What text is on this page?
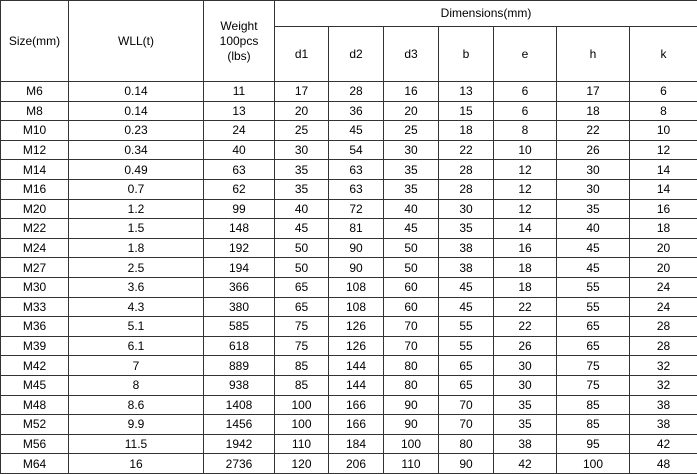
Size(mm)	WLL(t)	Weight
100pcs
(lbs)	Dimensions(mm)						
			d1	d2	d3	b	e	h	k
M6	0.14	11	17	28	16	13	6	17	6
M8	0.14	13	20	36	20	15	6	18	8
M10	0.23	24	25	45	25	18	8	22	10
M12	0.34	40	30	54	30	22	10	26	12
M14	0.49	63	35	63	35	28	12	30	14
M16	0.7	62	35	63	35	28	12	30	14
M20	1.2	99	40	72	40	30	12	35	16
M22	1.5	148	45	81	45	35	14	40	18
M24	1.8	192	50	90	50	38	16	45	20
M27	2.5	194	50	90	50	38	18	45	20
M30	3.6	366	65	108	60	45	18	55	24
M33	4.3	380	65	108	60	45	22	55	24
M36	5.1	585	75	126	70	55	22	65	28
M39	6.1	618	75	126	70	55	26	65	28
M42	7	889	85	144	80	65	30	75	32
M45	8	938	85	144	80	65	30	75	32
M48	8.6	1408	100	166	90	70	35	85	38
M52	9.9	1456	100	166	90	70	35	85	38
M56	11.5	1942	110	184	100	80	38	95	42
M64	16	2736	120	206	110	90	42	100	48
